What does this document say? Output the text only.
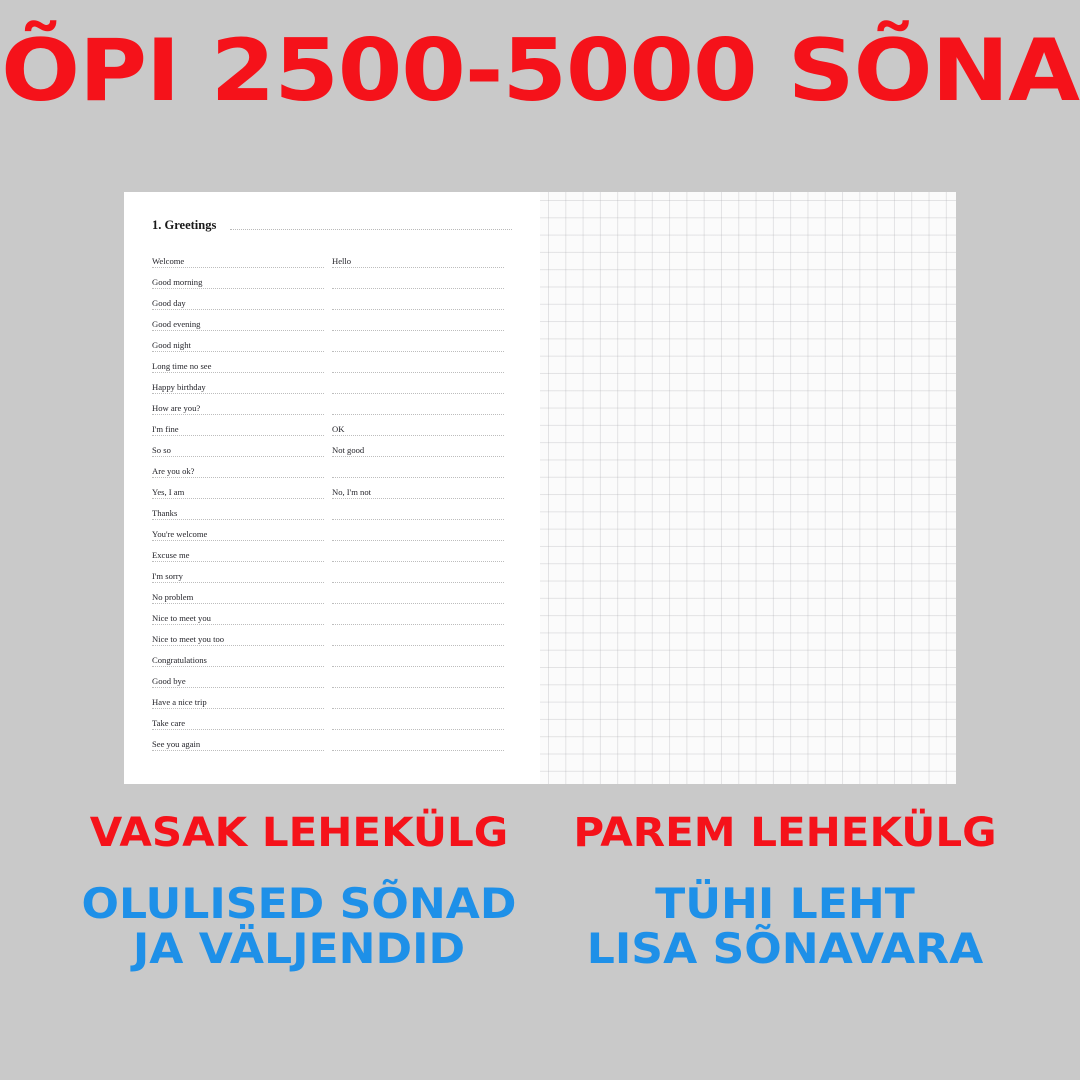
ÕPI 2500-5000 SÕNA
1. Greetings
Welcome	Hello
Good morning
Good day
Good evening
Good night
Long time no see
Happy birthday
How are you?
I'm fine	OK
So so	Not good
Are you ok?
Yes, I am	No, I'm not
Thanks
You're welcome
Excuse me
I'm sorry
No problem
Nice to meet you
Nice to meet you too
Congratulations
Good bye
Have a nice trip
Take care
See you again
VASAK LEHEKÜLG
OLULISED SÕNAD
JA VÄLJENDID
PAREM LEHEKÜLG
TÜHI LEHT
LISA SÕNAVARA
